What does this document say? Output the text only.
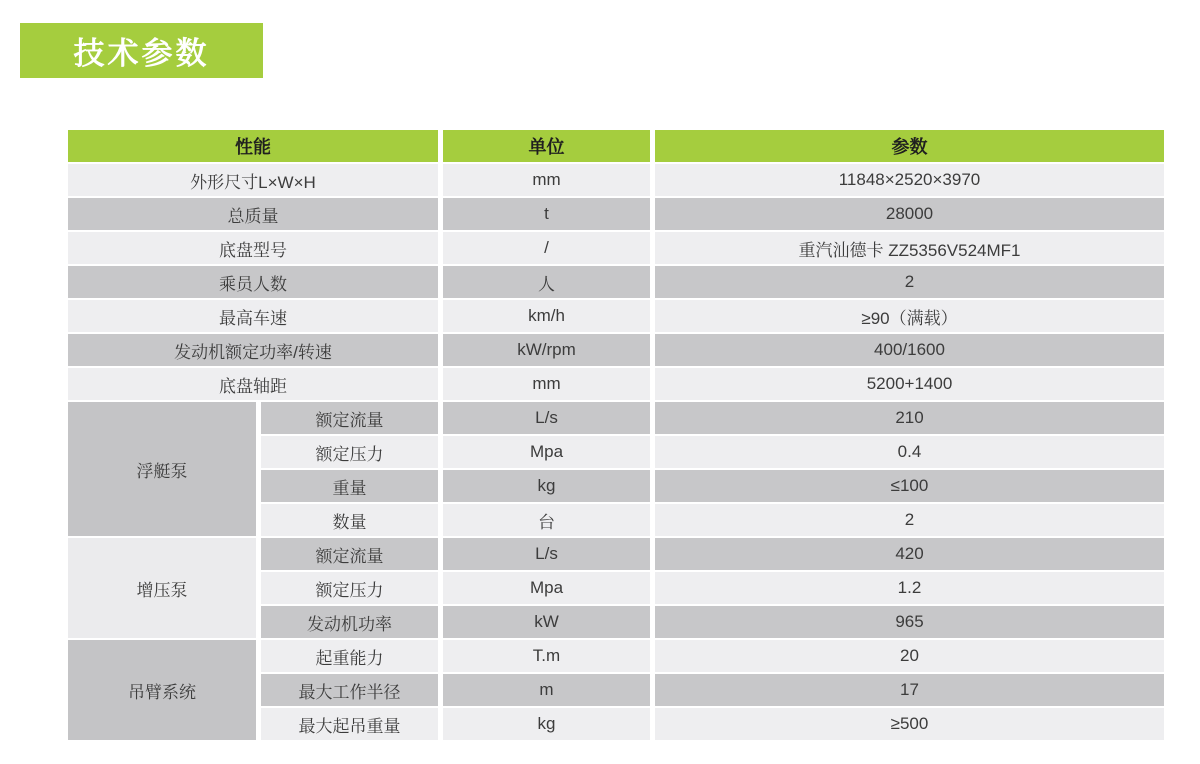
技术参数
性能	单位	参数
外形尺寸L×W×H	mm	11848×2520×3970
总质量	t	28000
底盘型号	/	重汽汕德卡 ZZ5356V524MF1
乘员人数	人	2
最高车速	km/h	≥90（满载）
发动机额定功率/转速	kW/rpm	400/1600
底盘轴距	mm	5200+1400
浮艇泵
额定流量	L/s	210
额定压力	Mpa	0.4
重量	kg	≤100
数量	台	2
增压泵
额定流量	L/s	420
额定压力	Mpa	1.2
发动机功率	kW	965
吊臂系统
起重能力	T.m	20
最大工作半径	m	17
最大起吊重量	kg	≥500
